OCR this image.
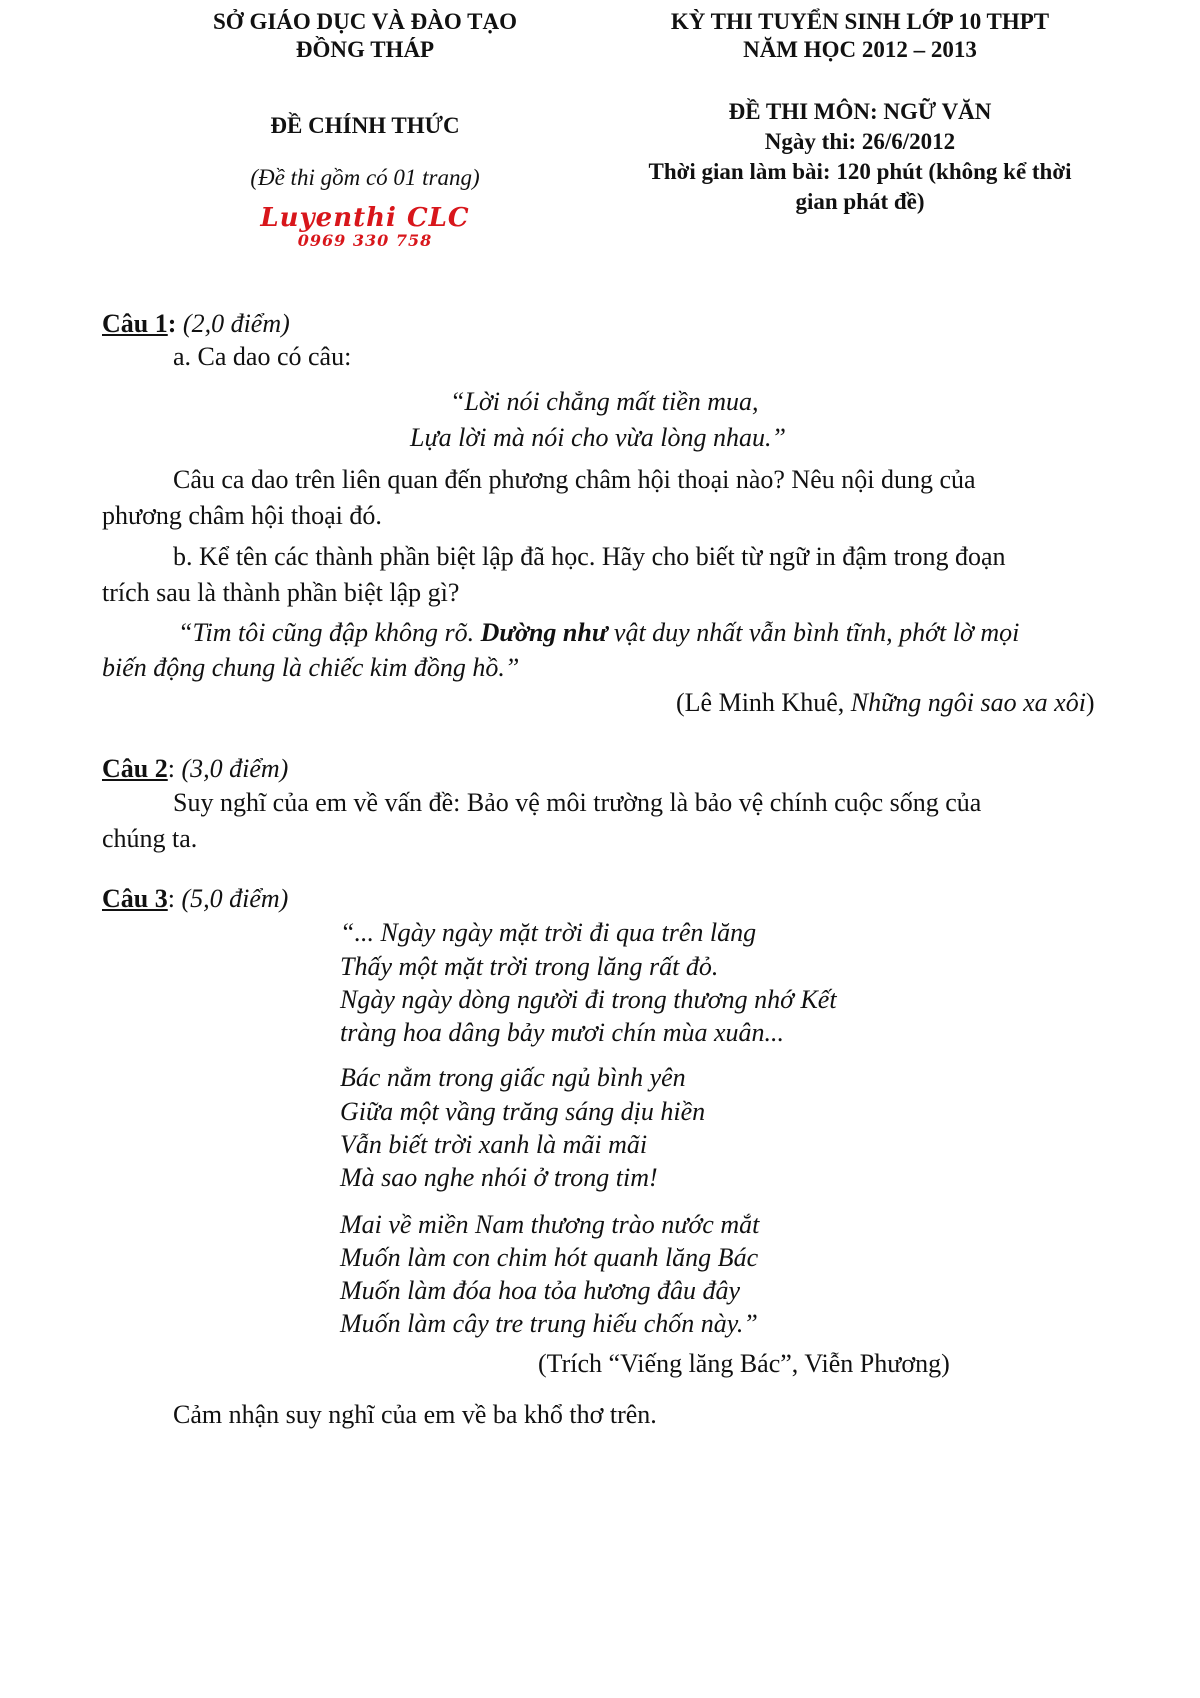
SỞ GIÁO DỤC VÀ ĐÀO TẠO
ĐỒNG THÁP
ĐỀ CHÍNH THỨC
(Đề thi gồm có 01 trang)
Luyenthi CLC
0969 330 758
KỲ THI TUYỂN SINH LỚP 10 THPT
NĂM HỌC 2012 – 2013
ĐỀ THI MÔN: NGỮ VĂN
Ngày thi: 26/6/2012
Thời gian làm bài: 120 phút (không kể thời
gian phát đề)
Câu 1: (2,0 điểm)
a. Ca dao có câu:
“Lời nói chẳng mất tiền mua,
Lựa lời mà nói cho vừa lòng nhau.”
Câu ca dao trên liên quan đến phương châm hội thoại nào? Nêu nội dung của
phương châm hội thoại đó.
b. Kể tên các thành phần biệt lập đã học. Hãy cho biết từ ngữ in đậm trong đoạn
trích sau là thành phần biệt lập gì?
“Tim tôi cũng đập không rõ. Dường như vật duy nhất vẫn bình tĩnh, phớt lờ mọi
biến động chung là chiếc kim đồng hồ.”
(Lê Minh Khuê, Những ngôi sao xa xôi)
Câu 2: (3,0 điểm)
Suy nghĩ của em về vấn đề: Bảo vệ môi trường là bảo vệ chính cuộc sống của
chúng ta.
Câu 3: (5,0 điểm)
“... Ngày ngày mặt trời đi qua trên lăng
Thấy một mặt trời trong lăng rất đỏ.
Ngày ngày dòng người đi trong thương nhớ Kết
tràng hoa dâng bảy mươi chín mùa xuân...
Bác nằm trong giấc ngủ bình yên
Giữa một vầng trăng sáng dịu hiền
Vẫn biết trời xanh là mãi mãi
Mà sao nghe nhói ở trong tim!
Mai về miền Nam thương trào nước mắt
Muốn làm con chim hót quanh lăng Bác
Muốn làm đóa hoa tỏa hương đâu đây
Muốn làm cây tre trung hiếu chốn này.”
(Trích “Viếng lăng Bác”, Viễn Phương)
Cảm nhận suy nghĩ của em về ba khổ thơ trên.
